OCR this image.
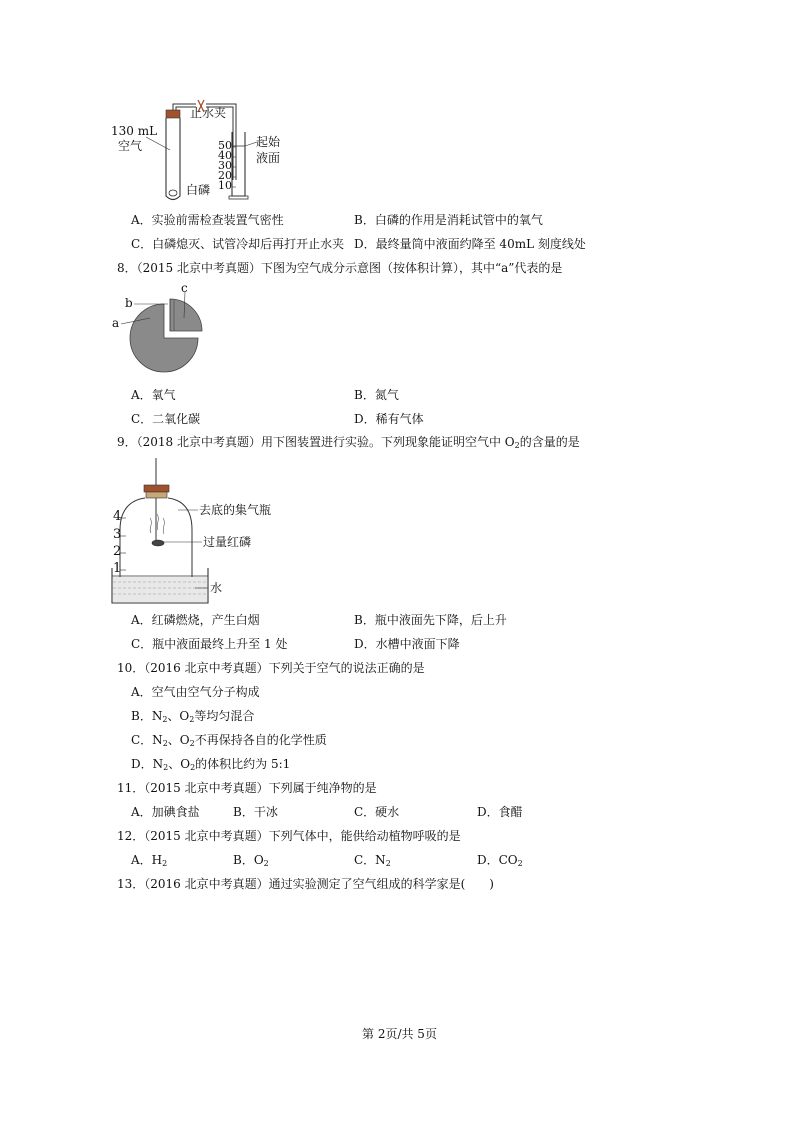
止水夹
130 mL
空气	起始
液面
白磷
50
40
30
20
10
A．实验前需检查装置气密性	B．白磷的作用是消耗试管中的氧气
C．白磷熄灭、试管冷却后再打开止水夹 D．最终量筒中液面约降至 40mL 刻度线处
8．（2015 北京中考真题）下图为空气成分示意图（按体积计算），其中“a”代表的是
a
b
c
A．氧气	B．氮气
C．二氧化碳	D．稀有气体
9．（2018 北京中考真题）用下图装置进行实验。下列现象能证明空气中 $O_2$的含量的是
去底的集气瓶
过量红磷
水
4
3
2
1
A．红磷燃烧，产生白烟	B．瓶中液面先下降，后上升
C．瓶中液面最终上升至 1 处	D．水槽中液面下降
10．（2016 北京中考真题）下列关于空气的说法正确的是
A．空气由空气分子构成
B．$N_2$、$O_2$等均匀混合
C．$N_2$、$O_2$不再保持各自的化学性质
D．$N_2$、$O_2$的体积比约为 5:1
11．（2015 北京中考真题）下列属于纯净物的是
A．加碘食盐	B．干冰	C．硬水	D．食醋
12．（2015 北京中考真题）下列气体中，能供给动植物呼吸的是
A．$H_2$	B．$O_2$	C．$N_2$	D．$CO_2$
13．（2016 北京中考真题）通过实验测定了空气组成的科学家是(　　)
第 2页/共 5页
